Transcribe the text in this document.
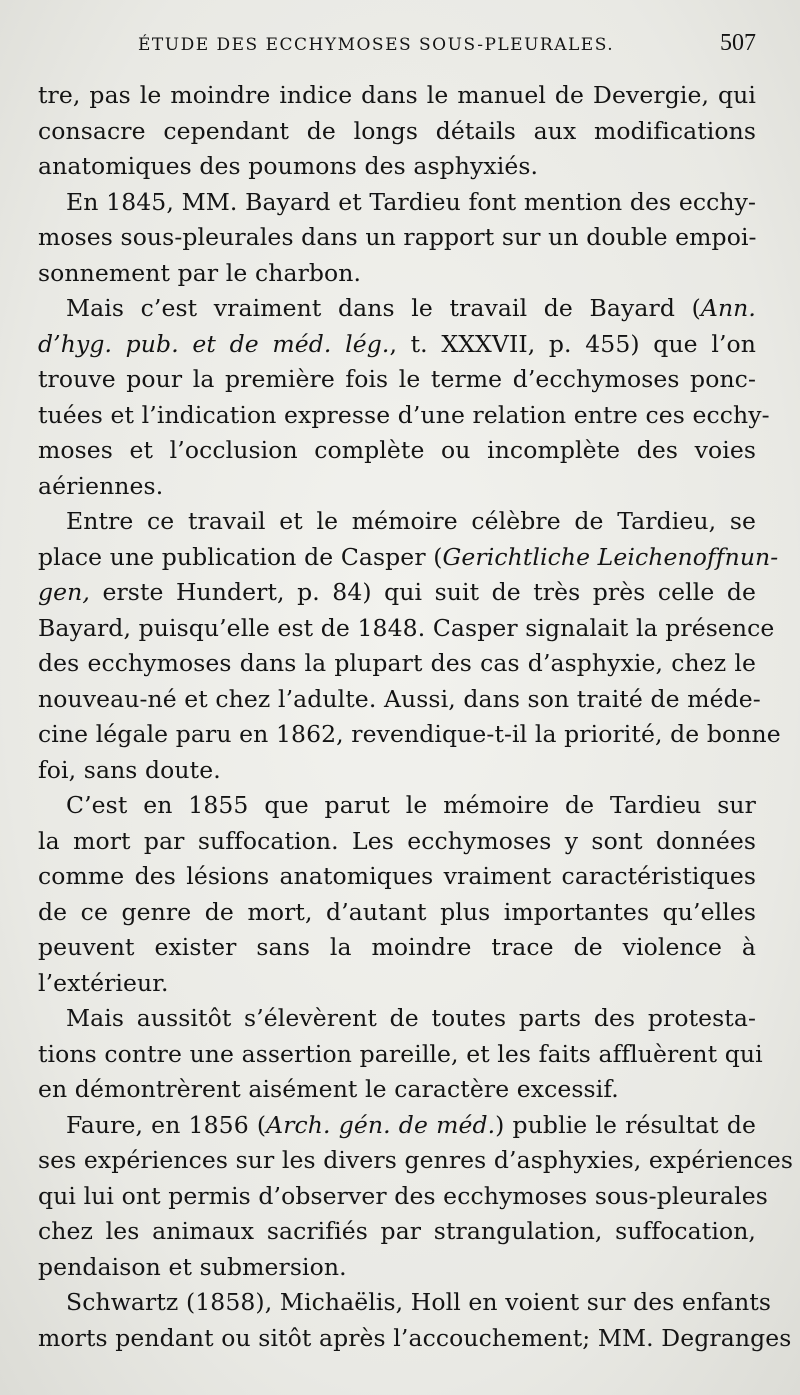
ÉTUDE DES ECCHYMOSES SOUS-PLEURALES.	507
tre, pas le moindre indice dans le manuel de Devergie, qui
consacre cependant de longs détails aux modifications
anatomiques des poumons des asphyxiés.
En 1845, MM. Bayard et Tardieu font mention des ecchy-
moses sous-pleurales dans un rapport sur un double empoi-
sonnement par le charbon.
Mais c’est vraiment dans le travail de Bayard (Ann.
d’hyg. pub. et de méd. lég., t. XXXVII, p. 455) que l’on
trouve pour la première fois le terme d’ecchymoses ponc-
tuées et l’indication expresse d’une relation entre ces ecchy-
moses et l’occlusion complète ou incomplète des voies
aériennes.
Entre ce travail et le mémoire célèbre de Tardieu, se
place une publication de Casper (Gerichtliche Leichenoffnun-
gen, erste Hundert, p. 84) qui suit de très près celle de
Bayard, puisqu’elle est de 1848. Casper signalait la présence
des ecchymoses dans la plupart des cas d’asphyxie, chez le
nouveau-né et chez l’adulte. Aussi, dans son traité de méde-
cine légale paru en 1862, revendique-t-il la priorité, de bonne
foi, sans doute.
C’est en 1855 que parut le mémoire de Tardieu sur
la mort par suffocation. Les ecchymoses y sont données
comme des lésions anatomiques vraiment caractéristiques
de ce genre de mort, d’autant plus importantes qu’elles
peuvent exister sans la moindre trace de violence à
l’extérieur.
Mais aussitôt s’élevèrent de toutes parts des protesta-
tions contre une assertion pareille, et les faits affluèrent qui
en démontrèrent aisément le caractère excessif.
Faure, en 1856 (Arch. gén. de méd.) publie le résultat de
ses expériences sur les divers genres d’asphyxies, expériences
qui lui ont permis d’observer des ecchymoses sous-pleurales
chez les animaux sacrifiés par strangulation, suffocation,
pendaison et submersion.
Schwartz (1858), Michaëlis, Holl en voient sur des enfants
morts pendant ou sitôt après l’accouchement; MM. Degranges
